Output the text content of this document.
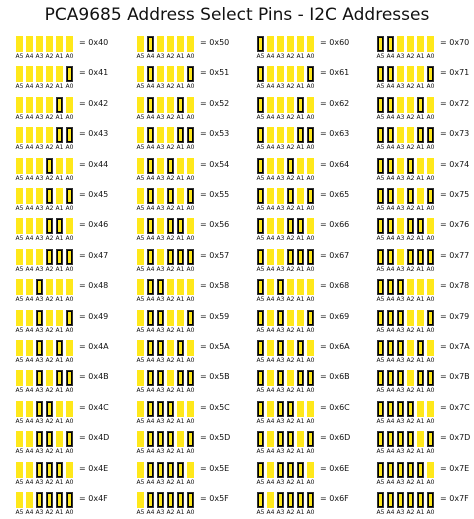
PCA9685 Address Select Pins - I2C Addresses
A5 A4 A3 A2 A1 A0
= 0x40
A5 A4 A3 A2 A1 A0
= 0x41
A5 A4 A3 A2 A1 A0
= 0x42
A5 A4 A3 A2 A1 A0
= 0x43
A5 A4 A3 A2 A1 A0
= 0x44
A5 A4 A3 A2 A1 A0
= 0x45
A5 A4 A3 A2 A1 A0
= 0x46
A5 A4 A3 A2 A1 A0
= 0x47
A5 A4 A3 A2 A1 A0
= 0x48
A5 A4 A3 A2 A1 A0
= 0x49
A5 A4 A3 A2 A1 A0
= 0x4A
A5 A4 A3 A2 A1 A0
= 0x4B
A5 A4 A3 A2 A1 A0
= 0x4C
A5 A4 A3 A2 A1 A0
= 0x4D
A5 A4 A3 A2 A1 A0
= 0x4E
A5 A4 A3 A2 A1 A0
= 0x4F
A5 A4 A3 A2 A1 A0
= 0x50
A5 A4 A3 A2 A1 A0
= 0x51
A5 A4 A3 A2 A1 A0
= 0x52
A5 A4 A3 A2 A1 A0
= 0x53
A5 A4 A3 A2 A1 A0
= 0x54
A5 A4 A3 A2 A1 A0
= 0x55
A5 A4 A3 A2 A1 A0
= 0x56
A5 A4 A3 A2 A1 A0
= 0x57
A5 A4 A3 A2 A1 A0
= 0x58
A5 A4 A3 A2 A1 A0
= 0x59
A5 A4 A3 A2 A1 A0
= 0x5A
A5 A4 A3 A2 A1 A0
= 0x5B
A5 A4 A3 A2 A1 A0
= 0x5C
A5 A4 A3 A2 A1 A0
= 0x5D
A5 A4 A3 A2 A1 A0
= 0x5E
A5 A4 A3 A2 A1 A0
= 0x5F
A5 A4 A3 A2 A1 A0
= 0x60
A5 A4 A3 A2 A1 A0
= 0x61
A5 A4 A3 A2 A1 A0
= 0x62
A5 A4 A3 A2 A1 A0
= 0x63
A5 A4 A3 A2 A1 A0
= 0x64
A5 A4 A3 A2 A1 A0
= 0x65
A5 A4 A3 A2 A1 A0
= 0x66
A5 A4 A3 A2 A1 A0
= 0x67
A5 A4 A3 A2 A1 A0
= 0x68
A5 A4 A3 A2 A1 A0
= 0x69
A5 A4 A3 A2 A1 A0
= 0x6A
A5 A4 A3 A2 A1 A0
= 0x6B
A5 A4 A3 A2 A1 A0
= 0x6C
A5 A4 A3 A2 A1 A0
= 0x6D
A5 A4 A3 A2 A1 A0
= 0x6E
A5 A4 A3 A2 A1 A0
= 0x6F
A5 A4 A3 A2 A1 A0
= 0x70
A5 A4 A3 A2 A1 A0
= 0x71
A5 A4 A3 A2 A1 A0
= 0x72
A5 A4 A3 A2 A1 A0
= 0x73
A5 A4 A3 A2 A1 A0
= 0x74
A5 A4 A3 A2 A1 A0
= 0x75
A5 A4 A3 A2 A1 A0
= 0x76
A5 A4 A3 A2 A1 A0
= 0x77
A5 A4 A3 A2 A1 A0
= 0x78
A5 A4 A3 A2 A1 A0
= 0x79
A5 A4 A3 A2 A1 A0
= 0x7A
A5 A4 A3 A2 A1 A0
= 0x7B
A5 A4 A3 A2 A1 A0
= 0x7C
A5 A4 A3 A2 A1 A0
= 0x7D
A5 A4 A3 A2 A1 A0
= 0x7E
A5 A4 A3 A2 A1 A0
= 0x7F
